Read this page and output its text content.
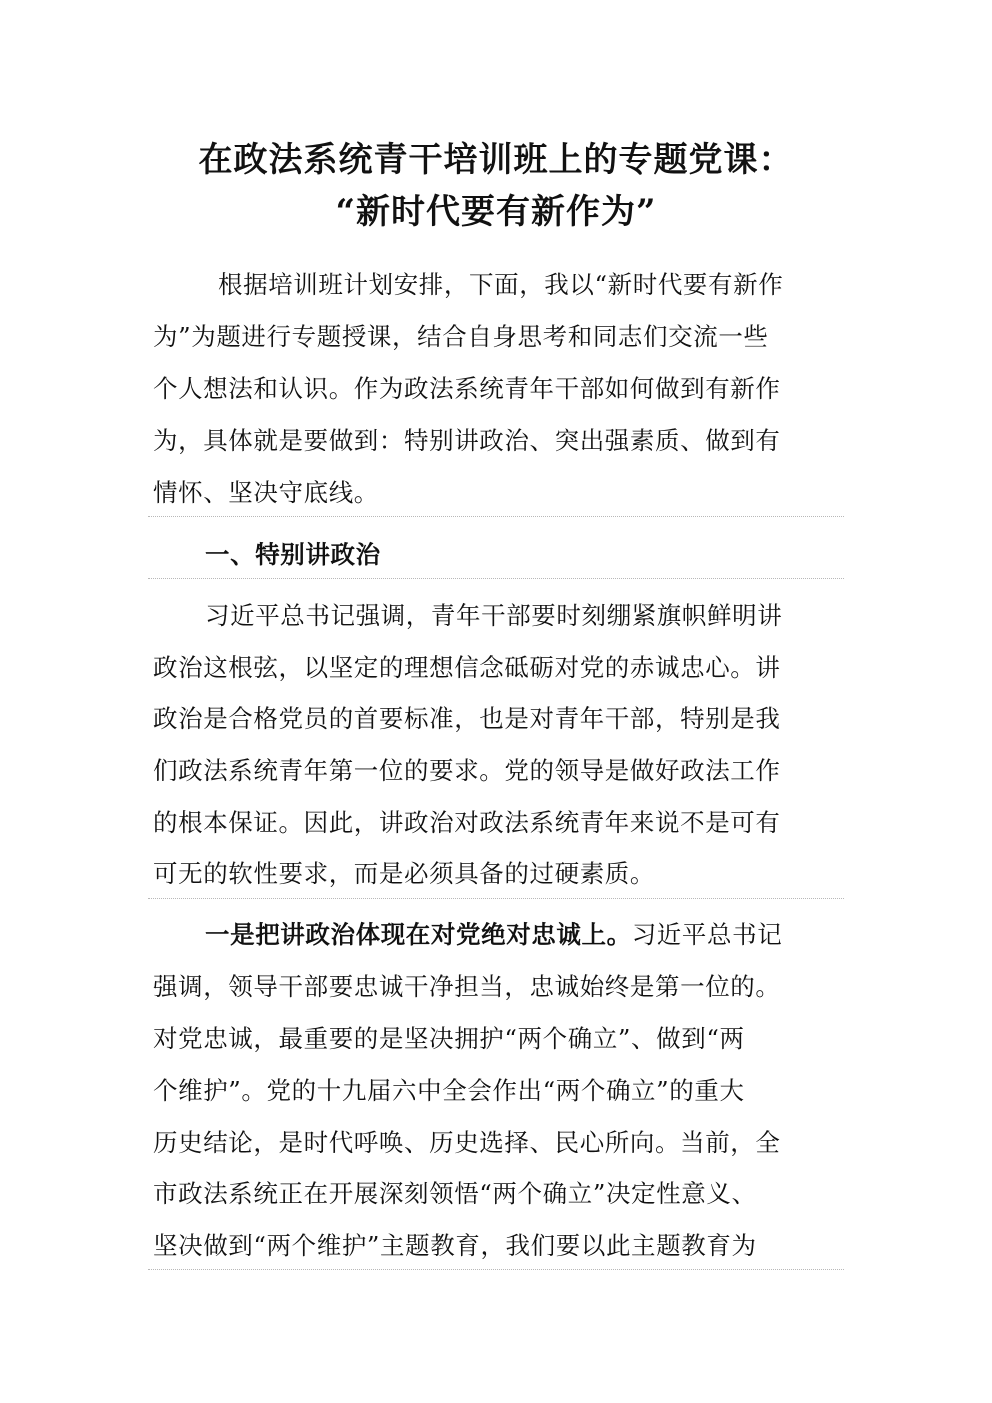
在政法系统青干培训班上的专题党课：
“新时代要有新作为”
根据培训班计划安排，下面，我以“新时代要有新作
为”为题进行专题授课，结合自身思考和同志们交流一些
个人想法和认识。作为政法系统青年干部如何做到有新作
为，具体就是要做到：特别讲政治、突出强素质、做到有
情怀、坚决守底线。
一、特别讲政治
习近平总书记强调，青年干部要时刻绷紧旗帜鲜明讲
政治这根弦，以坚定的理想信念砥砺对党的赤诚忠心。讲
政治是合格党员的首要标准，也是对青年干部，特别是我
们政法系统青年第一位的要求。党的领导是做好政法工作
的根本保证。因此，讲政治对政法系统青年来说不是可有
可无的软性要求，而是必须具备的过硬素质。
一是把讲政治体现在对党绝对忠诚上。习近平总书记
强调，领导干部要忠诚干净担当，忠诚始终是第一位的。
对党忠诚，最重要的是坚决拥护“两个确立”、做到“两
个维护”。党的十九届六中全会作出“两个确立”的重大
历史结论，是时代呼唤、历史选择、民心所向。当前，全
市政法系统正在开展深刻领悟“两个确立”决定性意义、
坚决做到“两个维护”主题教育，我们要以此主题教育为
